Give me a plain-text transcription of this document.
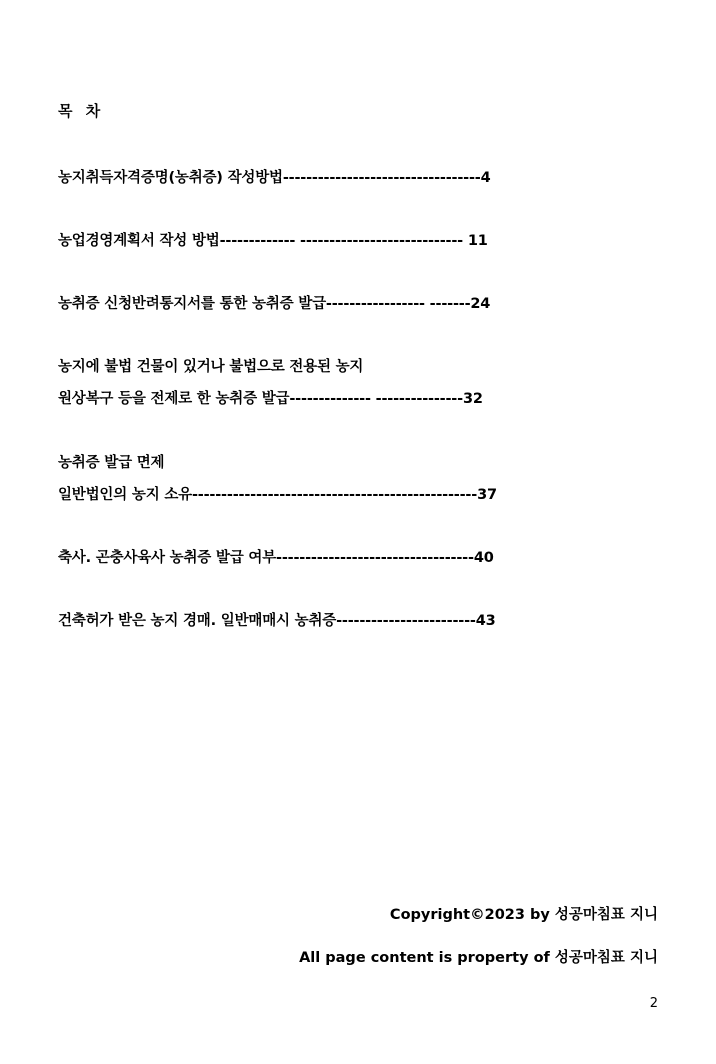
목 차
농지취득자격증명(농취증) 작성방법----------------------------------4
농업경영계획서 작성 방법------------- ---------------------------- 11
농취증 신청반려통지서를 통한 농취증 발급----------------- -------24
농지에 불법 건물이 있거나 불법으로 전용된 농지
원상복구 등을 전제로 한 농취증 발급-------------- ---------------32
농취증 발급 면제
일반법인의 농지 소유-------------------------------------------------37
축사. 곤충사육사 농취증 발급 여부----------------------------------40
건축허가 받은 농지 경매. 일반매매시 농취증------------------------43
Copyright©2023 by 성공마침표 지니
All page content is property of 성공마침표 지니
2
